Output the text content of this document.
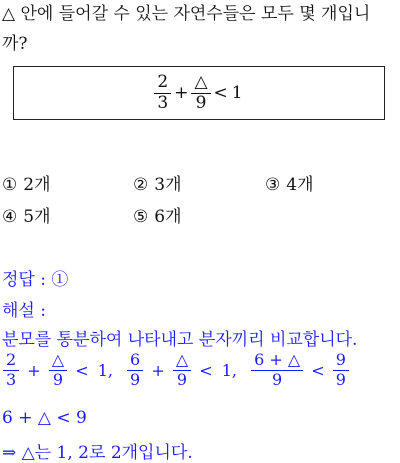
△ 안에 들어갈 수 있는 자연수들은 모두 몇 개입니
까?
$\frac{2}{3} + \frac{\triangle}{9} < 1$
① 2개	② 3개	③ 4개
④ 5개	⑤ 6개
정답 : ①
해설 :
분모를 통분하여 나타내고 분자끼리 비교합니다.
$\frac{2}{3} + \frac{\triangle}{9} < 1$, $\frac{6}{9} + \frac{\triangle}{9} < 1$, $\frac{6 + \triangle}{9} < \frac{9}{9}$
6 + △ < 9
⇒ △는 1, 2로 2개입니다.
